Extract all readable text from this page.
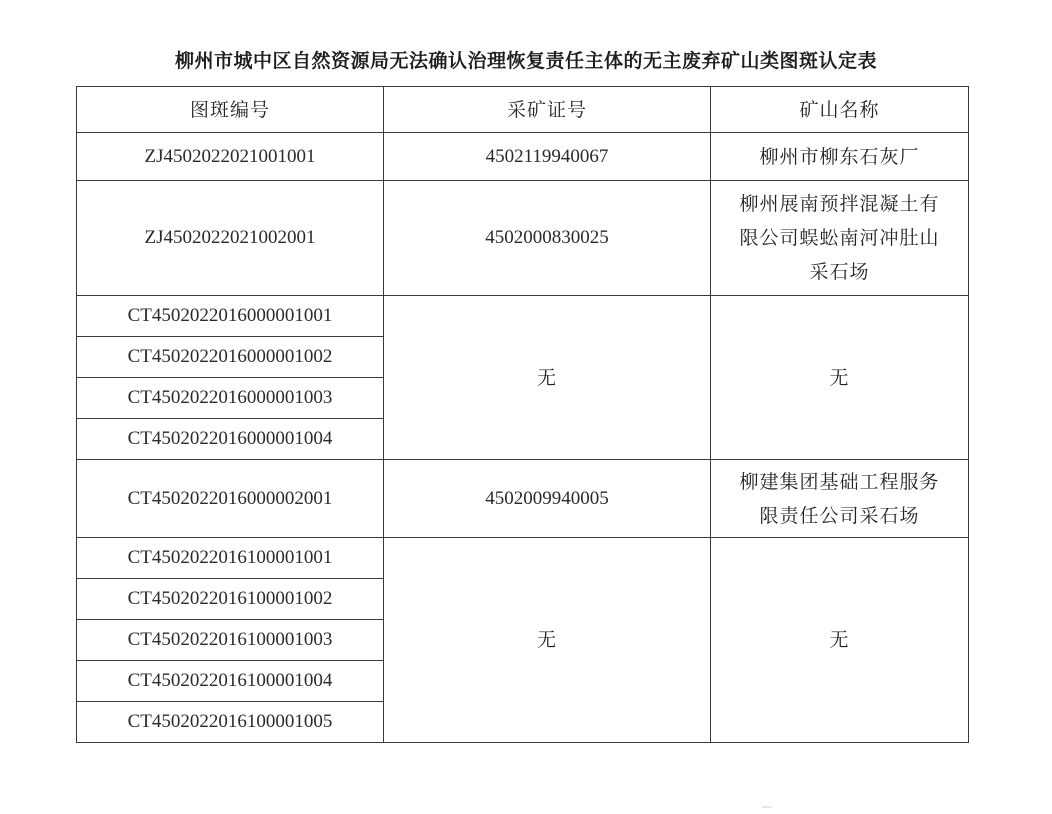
柳州市城中区自然资源局无法确认治理恢复责任主体的无主废弃矿山类图斑认定表
图斑编号	采矿证号	矿山名称
ZJ4502022021001001	4502119940067	柳州市柳东石灰厂

ZJ4502022021002001	4502000830025	柳州展南预拌混凝土有
限公司蜈蚣南河冲肚山
采石场

CT4502022016000001001	无	无

CT4502022016000001002		
CT4502022016000001003		
CT4502022016000001004		
CT4502022016000002001	4502009940005	柳建集团基础工程服务
限责任公司采石场

CT4502022016100001001	无	无

CT4502022016100001002		
CT4502022016100001003		
CT4502022016100001004		
CT4502022016100001005		
